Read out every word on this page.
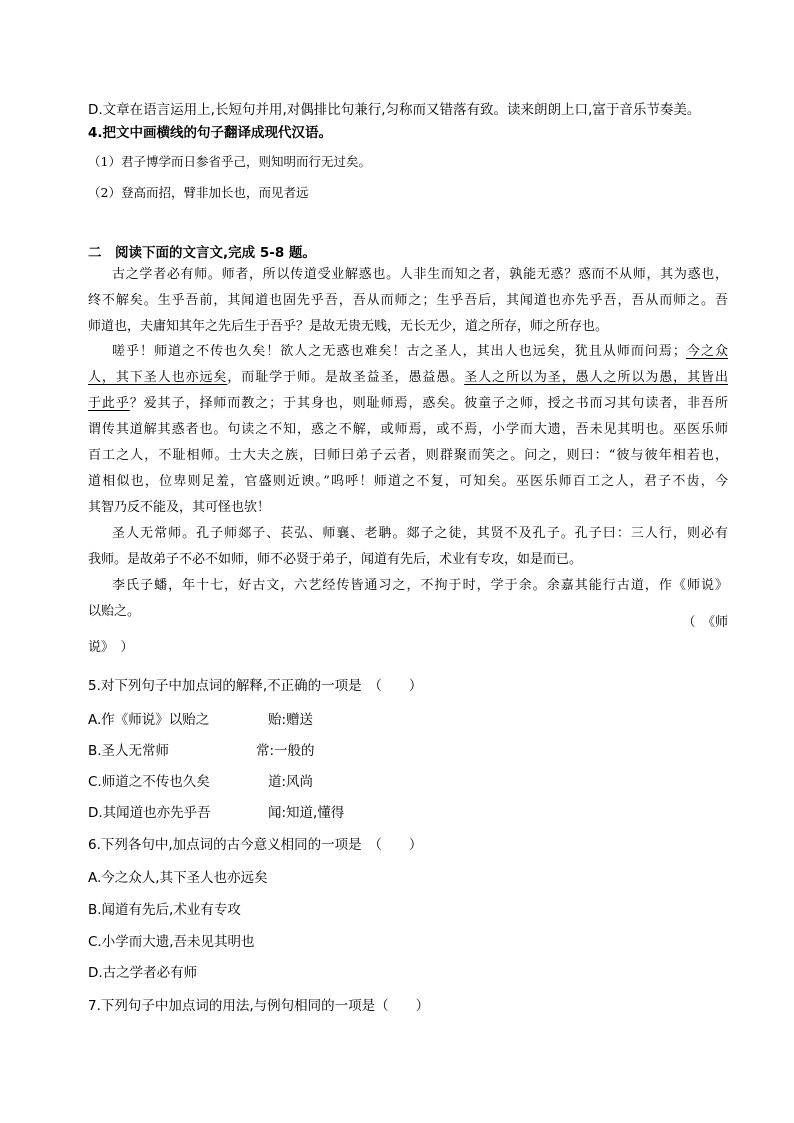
D.文章在语言运用上,长短句并用,对偶排比句兼行,匀称而又错落有致。读来朗朗上口,富于音乐节奏美。
4.把文中画横线的句子翻译成现代汉语。
（1）君子博学而日参省乎己，则知明而行无过矣。
（2）登高而招，臂非加长也，而见者远
二　阅读下面的文言文,完成 5-8 题。
古之学者必有师。师者，所以传道受业解惑也。人非生而知之者，孰能无惑？惑而不从师，其为惑也，
终不解矣。生乎吾前，其闻道也固先乎吾，吾从而师之；生乎吾后，其闻道也亦先乎吾，吾从而师之。吾
师道也，夫庸知其年之先后生于吾乎？是故无贵无贱，无长无少，道之所存，师之所存也。
嗟乎！师道之不传也久矣！欲人之无惑也难矣！古之圣人，其出人也远矣，犹且从师而问焉；今之众
人，其下圣人也亦远矣，而耻学于师。是故圣益圣，愚益愚。圣人之所以为圣，愚人之所以为愚，其皆出
于此乎？爱其子，择师而教之；于其身也，则耻师焉，惑矣。彼童子之师，授之书而习其句读者，非吾所
谓传其道解其惑者也。句读之不知，惑之不解，或师焉，或不焉，小学而大遗，吾未见其明也。巫医乐师
百工之人，不耻相师。士大夫之族，曰师曰弟子云者，则群聚而笑之。问之，则曰：“彼与彼年相若也，
道相似也，位卑则足羞，官盛则近谀。”呜呼！师道之不复，可知矣。巫医乐师百工之人，君子不齿，今
其智乃反不能及，其可怪也欤！
圣人无常师。孔子师郯子、苌弘、师襄、老聃。郯子之徒，其贤不及孔子。孔子曰：三人行，则必有
我师。是故弟子不必不如师，师不必贤于弟子，闻道有先后，术业有专攻，如是而已。
李氏子蟠，年十七，好古文，六艺经传皆通习之，不拘于时，学于余。余嘉其能行古道，作《师说》
以贻之。
（　《师
说》　）
5.对下列句子中加点词的解释,不正确的一项是　（　　）
A.作《师说》以贻之	贻:赠送
B.圣人无常师	常:一般的
C.师道之不传也久矣	道:风尚
D.其闻道也亦先乎吾	闻:知道,懂得
6.下列各句中,加点词的古今意义相同的一项是　（　　）
A.今之众人,其下圣人也亦远矣
B.闻道有先后,术业有专攻
C.小学而大遗,吾未见其明也
D.古之学者必有师
7.下列句子中加点词的用法,与例句相同的一项是（　　）
